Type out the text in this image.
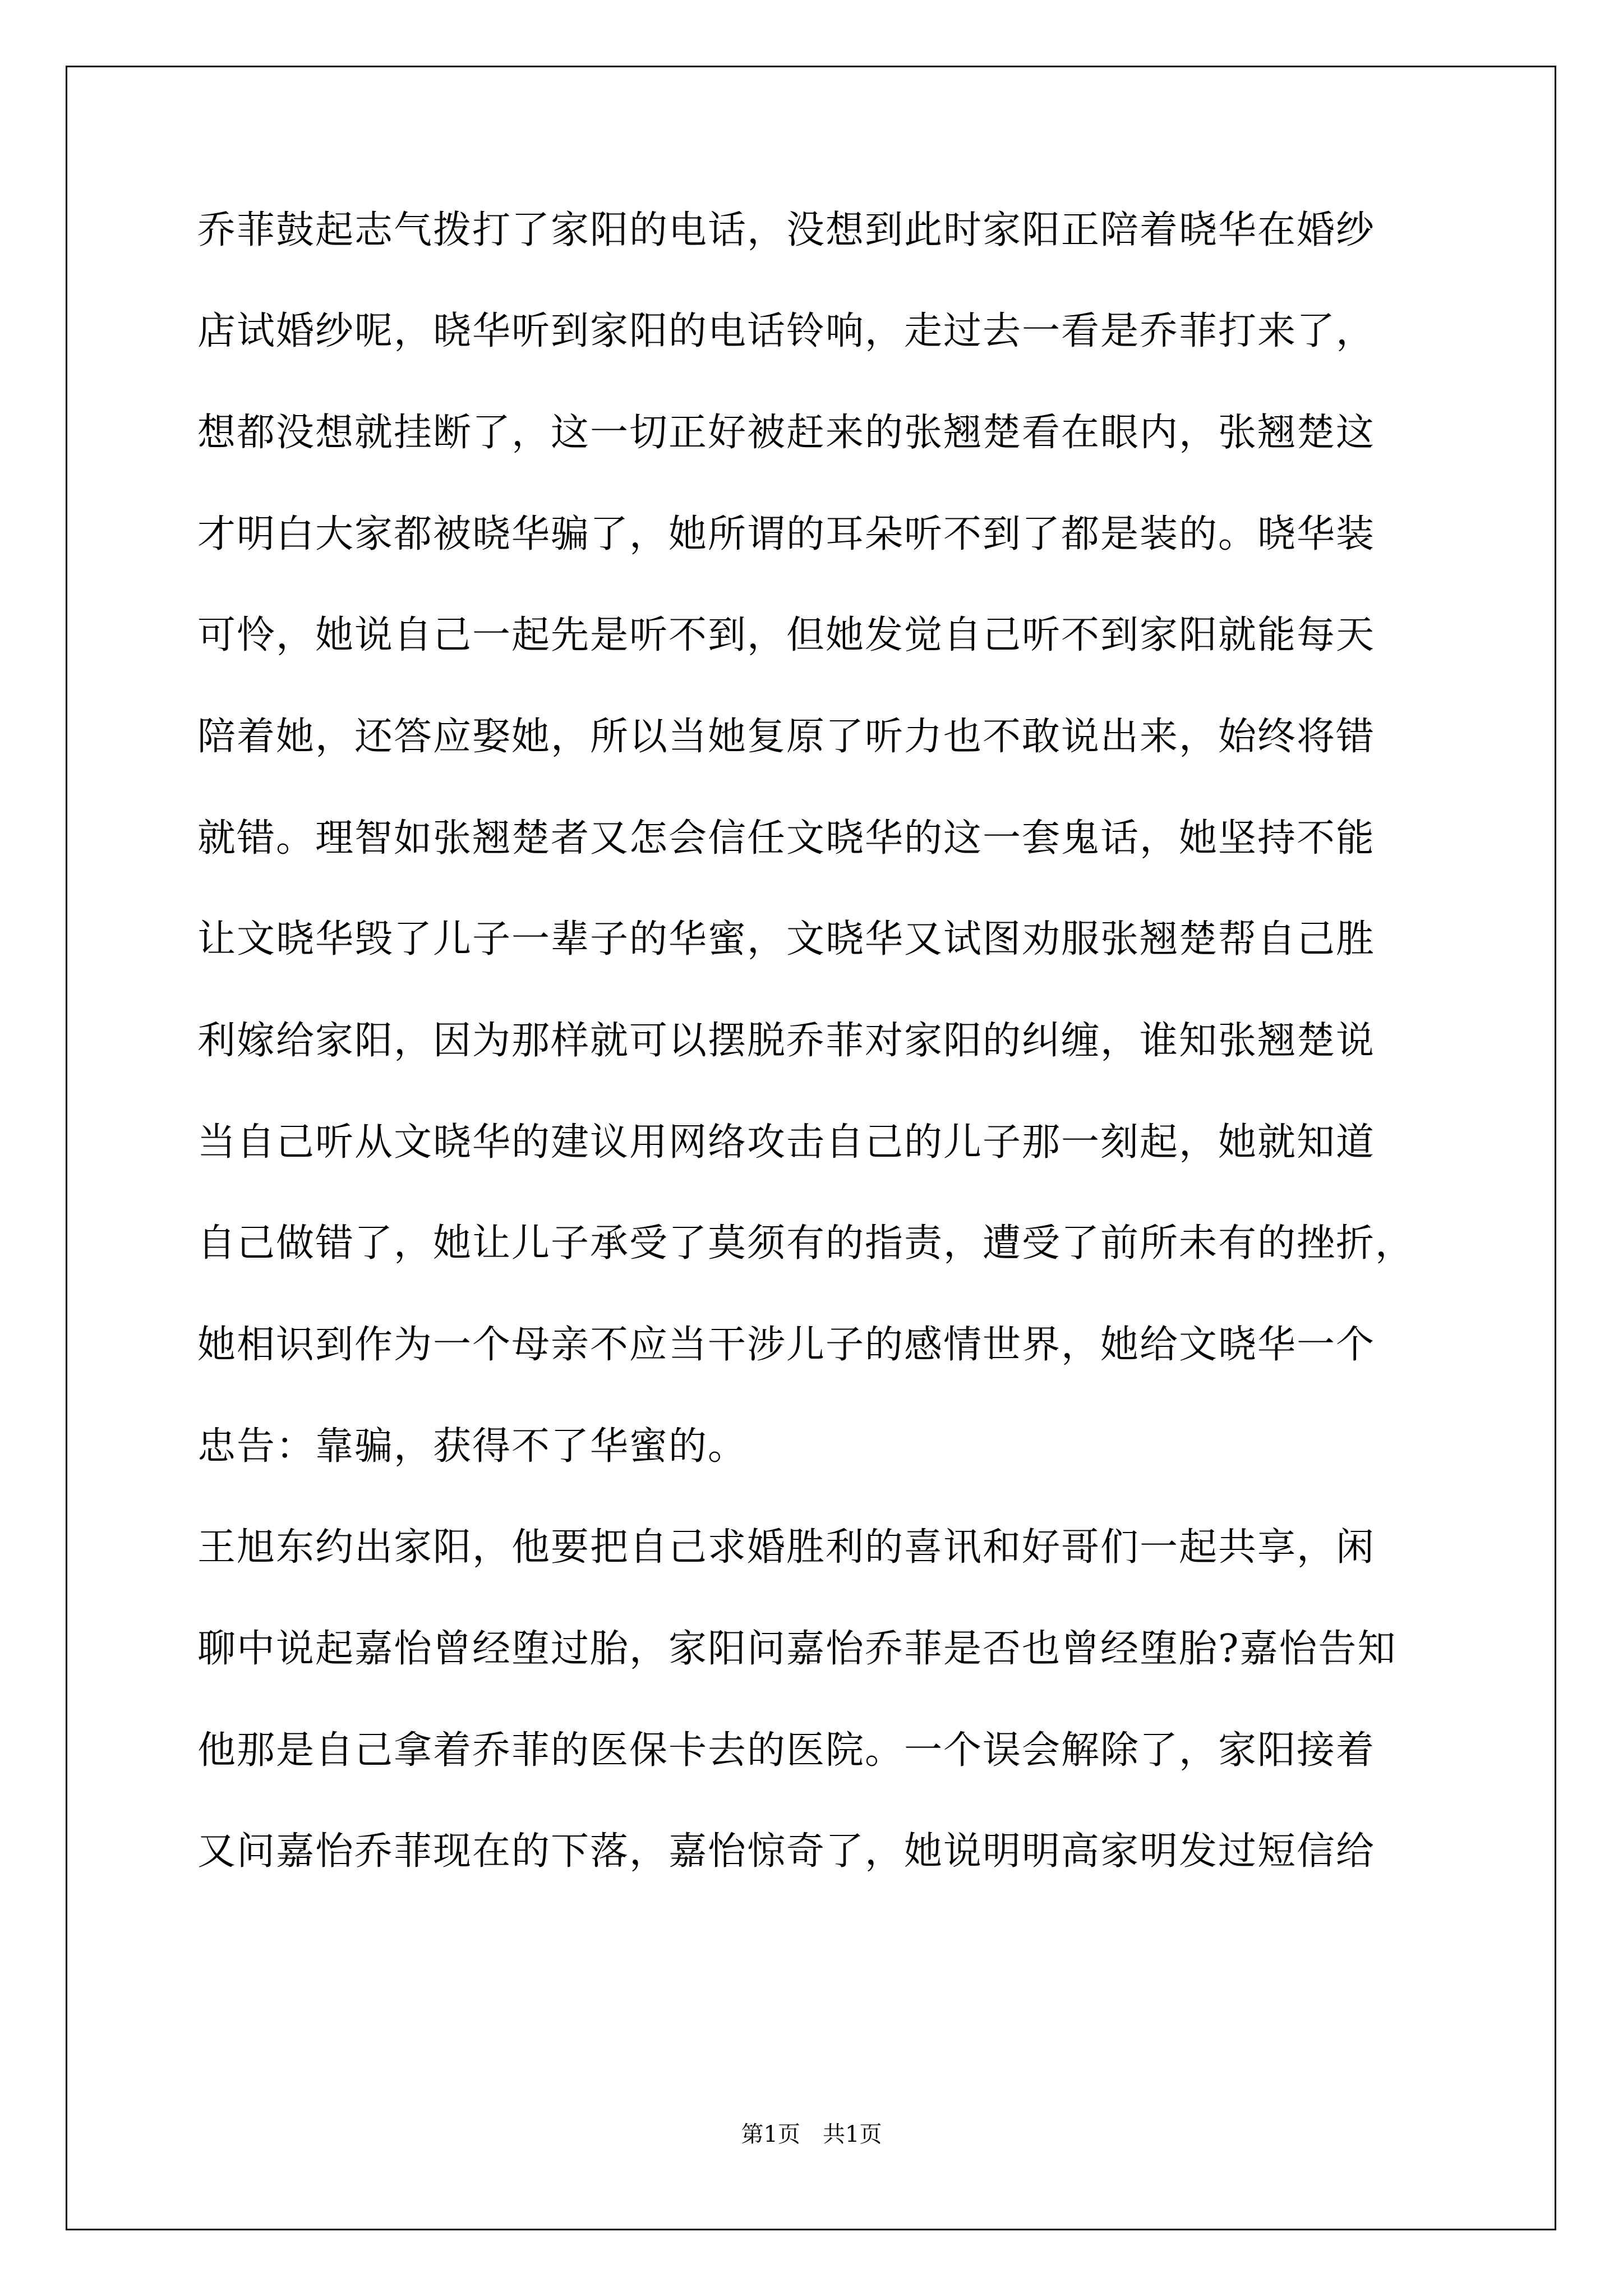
乔菲鼓起志气拨打了家阳的电话，没想到此时家阳正陪着晓华在婚纱
店试婚纱呢，晓华听到家阳的电话铃响，走过去一看是乔菲打来了，
想都没想就挂断了，这一切正好被赶来的张翘楚看在眼内，张翘楚这
才明白大家都被晓华骗了，她所谓的耳朵听不到了都是装的。晓华装
可怜，她说自己一起先是听不到，但她发觉自己听不到家阳就能每天
陪着她，还答应娶她，所以当她复原了听力也不敢说出来，始终将错
就错。理智如张翘楚者又怎会信任文晓华的这一套鬼话，她坚持不能
让文晓华毁了儿子一辈子的华蜜，文晓华又试图劝服张翘楚帮自己胜
利嫁给家阳，因为那样就可以摆脱乔菲对家阳的纠缠，谁知张翘楚说
当自己听从文晓华的建议用网络攻击自己的儿子那一刻起，她就知道
自己做错了，她让儿子承受了莫须有的指责，遭受了前所未有的挫折，
她相识到作为一个母亲不应当干涉儿子的感情世界，她给文晓华一个
忠告：靠骗，获得不了华蜜的。
王旭东约出家阳，他要把自己求婚胜利的喜讯和好哥们一起共享，闲
聊中说起嘉怡曾经堕过胎，家阳问嘉怡乔菲是否也曾经堕胎?嘉怡告知
他那是自己拿着乔菲的医保卡去的医院。一个误会解除了，家阳接着
又问嘉怡乔菲现在的下落，嘉怡惊奇了，她说明明高家明发过短信给
第1页 共1页
